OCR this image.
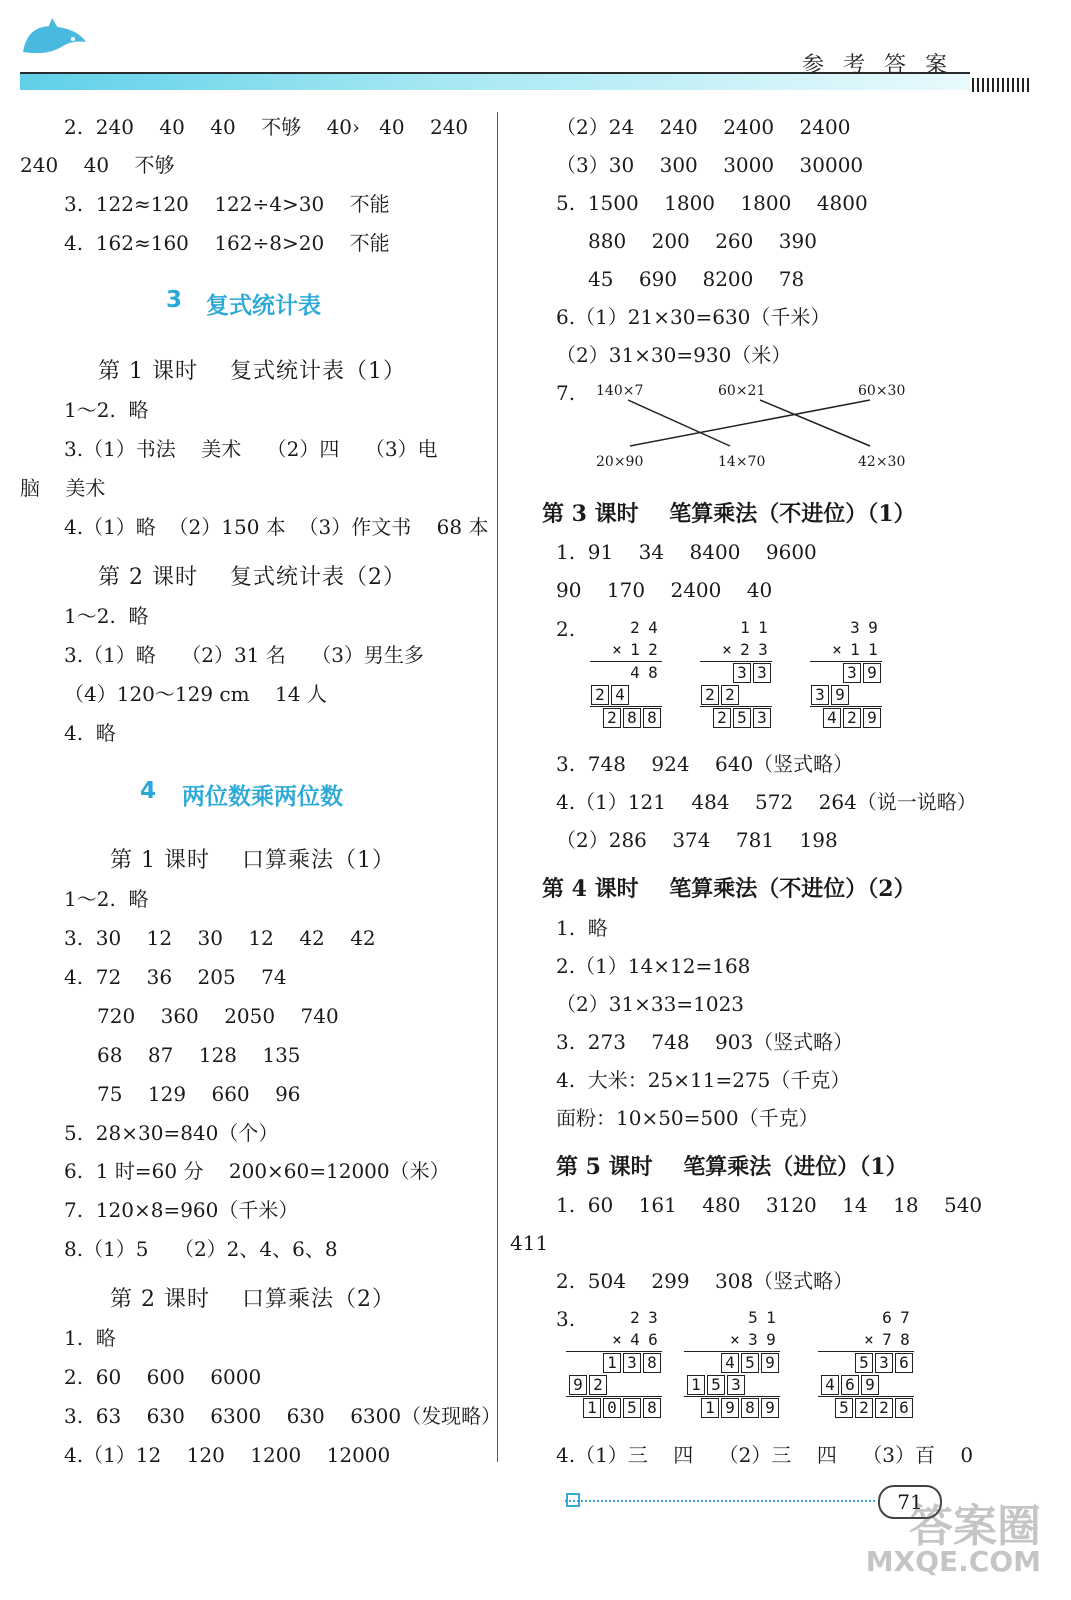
参 考 答 案
2.  240    40    40    不够    40›   40    240
240    40    不够
3.  122≈120    122÷4>30    不能
4.  162≈160    162÷8>20    不能
3 复式统计表
第 1 课时    复式统计表（1）
1～2.  略
3.（1）书法    美术    （2）四    （3）电
脑    美术
4.（1）略  （2）150 本  （3）作文书    68 本
第 2 课时    复式统计表（2）
1～2.  略
3.（1）略    （2）31 名    （3）男生多
（4）120～129 cm    14 人
4.  略
4 两位数乘两位数
第 1 课时    口算乘法（1）
1～2.  略
3.  30    12    30    12    42    42
4.  72    36    205    74
720    360    2050    740
68    87    128    135
75    129    660    96
5.  28×30=840（个）
6.  1 时=60 分    200×60=12000（米）
7.  120×8=960（千米）
8.（1）5    （2）2、4、6、8
第 2 课时    口算乘法（2）
1.  略
2.  60    600    6000
3.  63    630    6300    630    6300（发现略）
4.（1）12    120    1200    12000
（2）24    240    2400    2400
（3）30    300    3000    30000
5.  1500    1800    1800    4800
880    200    260    390
45    690    8200    78
6.（1）21×30=630（千米）
（2）31×30=930（米）
7. 140×7	60×21	60×30
20×90	14×70	42×30
第 3 课时    笔算乘法（不进位）（1）
1.  91    34    8400    9600
90    170    2400    40
2.	2 4
× 1 2
4 8
2 4
2 8 8
1 1
× 2 3
3 3
2 2
2 5 3
3 9
× 1 1
3 9
3 9
4 2 9
3.  748    924    640（竖式略）
4.（1）121    484    572    264（说一说略）
（2）286    374    781    198
第 4 课时    笔算乘法（不进位）（2）
1.  略
2.（1）14×12=168
（2）31×33=1023
3.  273    748    903（竖式略）
4.  大米：25×11=275（千克）
面粉：10×50=500（千克）
第 5 课时    笔算乘法（进位）（1）
1.  60    161    480    3120    14    18    540
411
2.  504    299    308（竖式略）
3.	2 3
× 4 6
1 3 8
9 2
1 0 5 8
5 1
× 3 9
4 5 9
1 5 3
1 9 8 9
6 7
× 7 8
5 3 6
4 6 9
5 2 2 6
4.（1）三    四    （2）三    四    （3）百    0
71
答案圈
MXQE.COM
